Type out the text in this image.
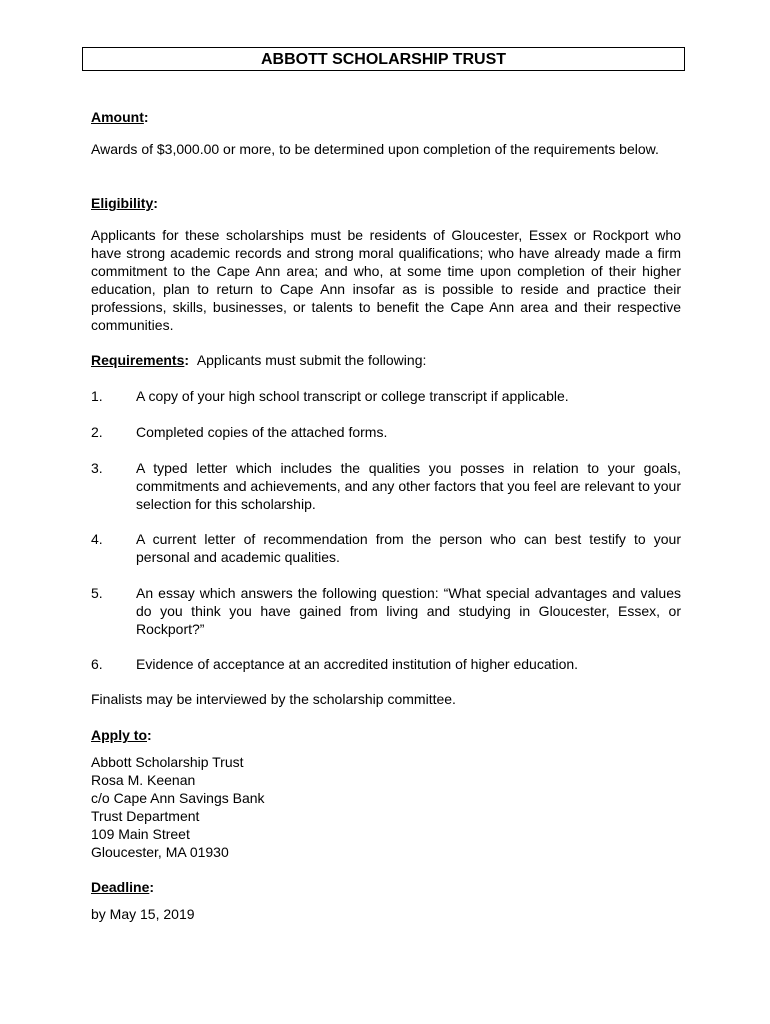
ABBOTT SCHOLARSHIP TRUST
Amount:

Awards of $3,000.00 or more, to be determined upon completion of the requirements below.

Eligibility:

Applicants for these scholarships must be residents of Gloucester, Essex or Rockport who have strong academic records and strong moral qualifications; who have already made a firm commitment to the Cape Ann area; and who, at some time upon completion of their higher education, plan to return to Cape Ann insofar as is possible to reside and practice their professions, skills, businesses, or talents to benefit the Cape Ann area and their respective communities.

Requirements: Applicants must submit the following:
1.	A copy of your high school transcript or college transcript if applicable.
2.	Completed copies of the attached forms.
3.	A typed letter which includes the qualities you posses in relation to your goals, commitments and achievements, and any other factors that you feel are relevant to your selection for this scholarship.
4.	A current letter of recommendation from the person who can best testify to your personal and academic qualities.
5.	An essay which answers the following question: “What special advantages and values do you think you have gained from living and studying in Gloucester, Essex, or Rockport?”
6.	Evidence of acceptance at an accredited institution of higher education.
Finalists may be interviewed by the scholarship committee.
Apply to:
Abbott Scholarship Trust
Rosa M. Keenan
c/o Cape Ann Savings Bank
Trust Department
109 Main Street
Gloucester, MA 01930
Deadline:
by May 15, 2019
